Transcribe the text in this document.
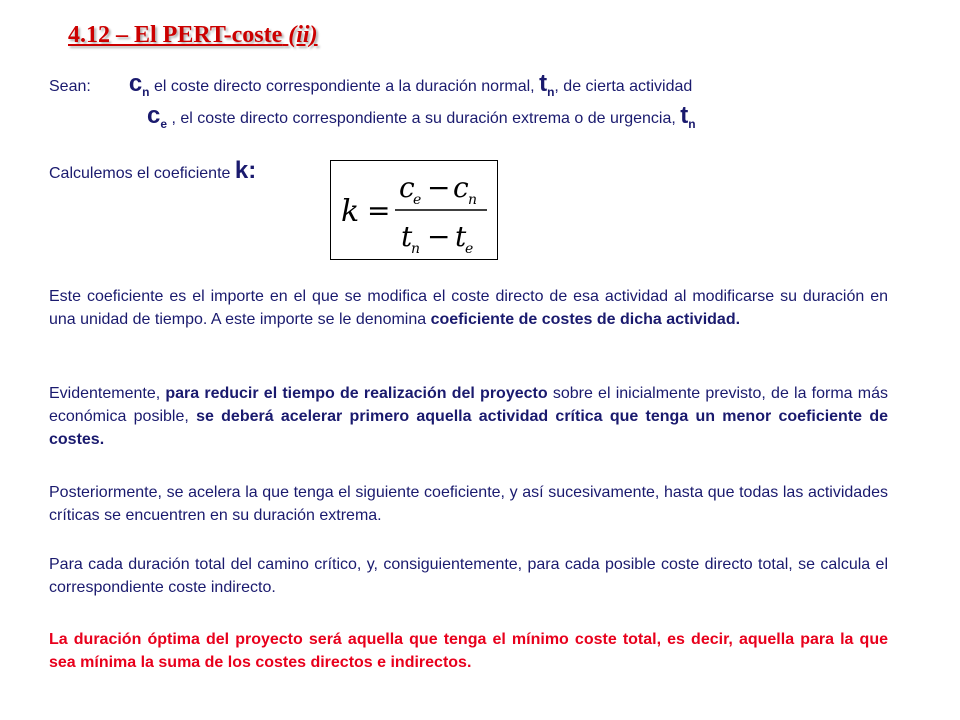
4.12 – El PERT-coste (ii)
Sean: $c_n$ el coste directo correspondiente a la duración normal, $t_n$, de cierta actividad
$c_e$ , el coste directo correspondiente a su duración extrema o de urgencia, $t_n$
Calculemos el coeficiente k:
k =
c
e − c n
t
n − t
e
Este coeficiente es el importe en el que se modifica el coste directo de esa actividad al modificarse su duración en una unidad de tiempo. A este importe se le denomina coeficiente de costes de dicha actividad.
Evidentemente, para reducir el tiempo de realización del proyecto sobre el inicialmente previsto, de la forma más económica posible, se deberá acelerar primero aquella actividad crítica que tenga un menor coeficiente de costes.
Posteriormente, se acelera la que tenga el siguiente coeficiente, y así sucesivamente, hasta que todas las actividades críticas se encuentren en su duración extrema.
Para cada duración total del camino crítico, y, consiguientemente, para cada posible coste directo total, se calcula el correspondiente coste indirecto.
La duración óptima del proyecto será aquella que tenga el mínimo coste total, es decir, aquella para la que sea mínima la suma de los costes directos e indirectos.
